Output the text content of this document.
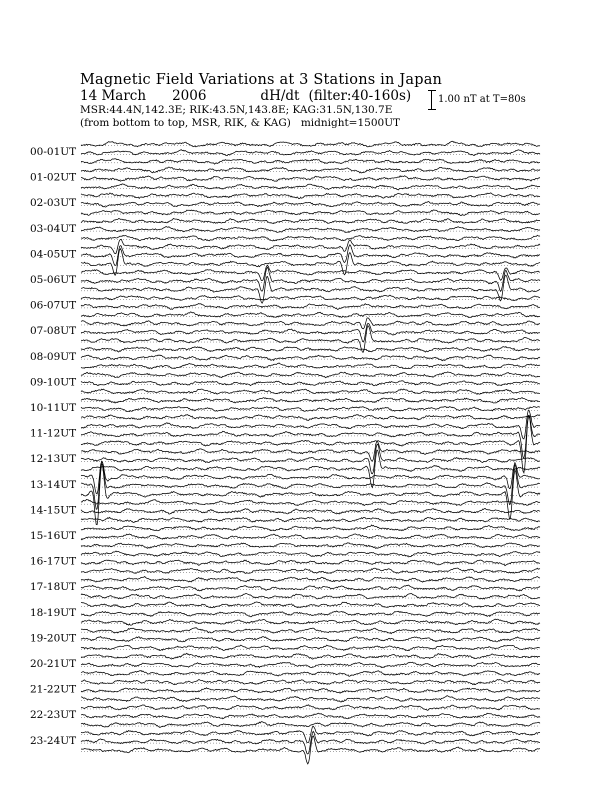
Magnetic Field Variations at 3 Stations in Japan
14 March 2006	dH/dt (filter:40-160s)
MSR:44.4N,142.3E; RIK:43.5N,143.8E; KAG:31.5N,130.7E
(from bottom to top, MSR, RIK, & KAG) midnight=1500UT
1.00 nT at T=80s
00-01UT
01-02UT
02-03UT
03-04UT
04-05UT
05-06UT
06-07UT
07-08UT
08-09UT
09-10UT
10-11UT
11-12UT
12-13UT
13-14UT
14-15UT
15-16UT
16-17UT
17-18UT
18-19UT
19-20UT
20-21UT
21-22UT
22-23UT
23-24UT
